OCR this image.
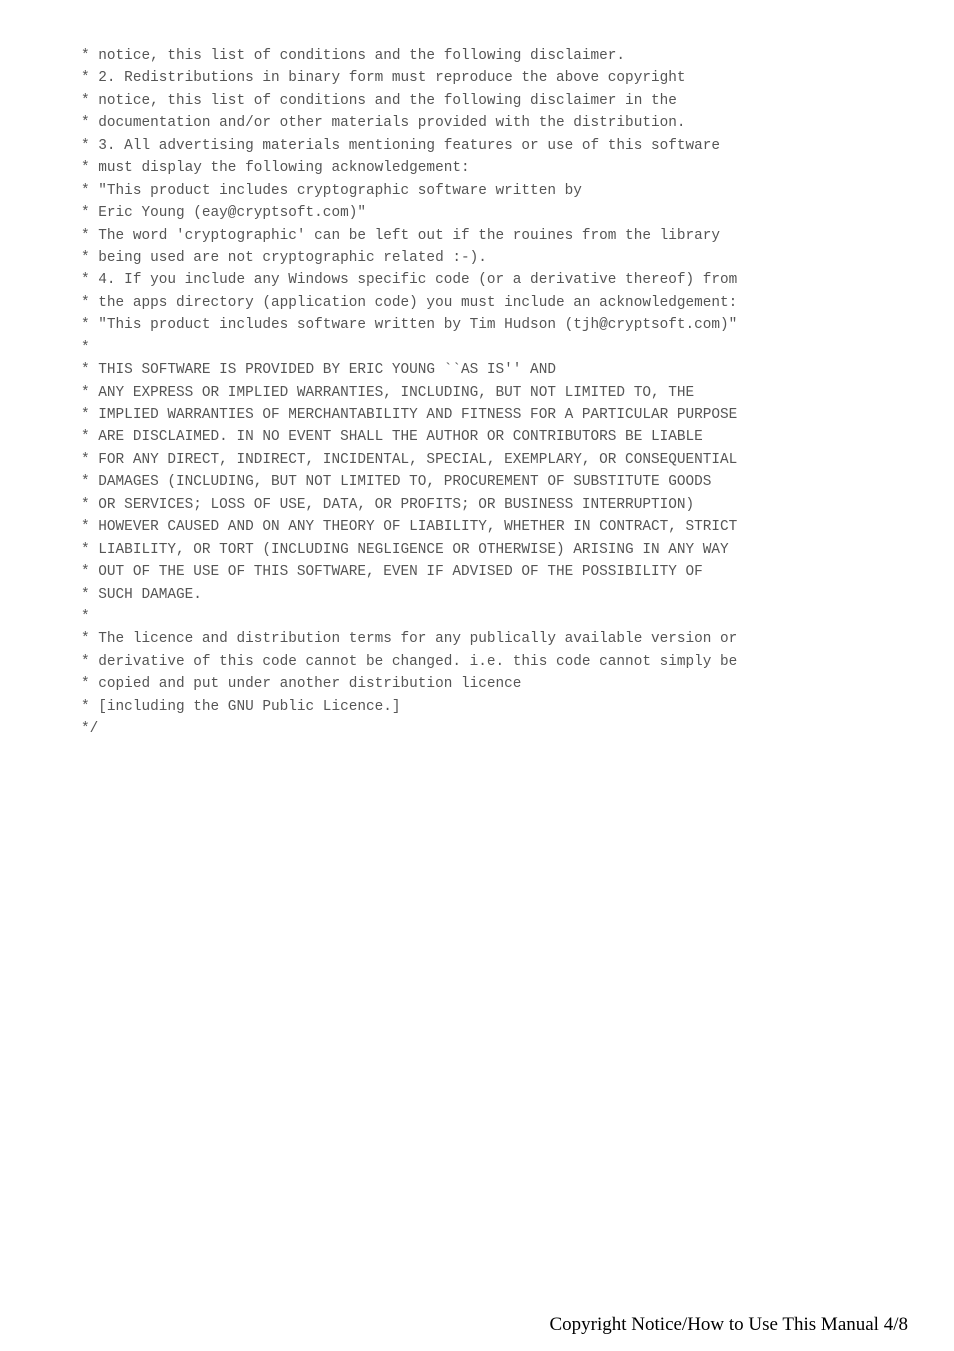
* notice, this list of conditions and the following disclaimer.
* 2. Redistributions in binary form must reproduce the above copyright
* notice, this list of conditions and the following disclaimer in the
* documentation and/or other materials provided with the distribution.
* 3. All advertising materials mentioning features or use of this software
* must display the following acknowledgement:
* "This product includes cryptographic software written by
* Eric Young (eay@cryptsoft.com)"
* The word 'cryptographic' can be left out if the rouines from the library
* being used are not cryptographic related :-).
* 4. If you include any Windows specific code (or a derivative thereof) from
* the apps directory (application code) you must include an acknowledgement:
* "This product includes software written by Tim Hudson (tjh@cryptsoft.com)"
*
* THIS SOFTWARE IS PROVIDED BY ERIC YOUNG ``AS IS'' AND
* ANY EXPRESS OR IMPLIED WARRANTIES, INCLUDING, BUT NOT LIMITED TO, THE
* IMPLIED WARRANTIES OF MERCHANTABILITY AND FITNESS FOR A PARTICULAR PURPOSE
* ARE DISCLAIMED. IN NO EVENT SHALL THE AUTHOR OR CONTRIBUTORS BE LIABLE
* FOR ANY DIRECT, INDIRECT, INCIDENTAL, SPECIAL, EXEMPLARY, OR CONSEQUENTIAL
* DAMAGES (INCLUDING, BUT NOT LIMITED TO, PROCUREMENT OF SUBSTITUTE GOODS
* OR SERVICES; LOSS OF USE, DATA, OR PROFITS; OR BUSINESS INTERRUPTION)
* HOWEVER CAUSED AND ON ANY THEORY OF LIABILITY, WHETHER IN CONTRACT, STRICT
* LIABILITY, OR TORT (INCLUDING NEGLIGENCE OR OTHERWISE) ARISING IN ANY WAY
* OUT OF THE USE OF THIS SOFTWARE, EVEN IF ADVISED OF THE POSSIBILITY OF
* SUCH DAMAGE.
*
* The licence and distribution terms for any publically available version or
* derivative of this code cannot be changed. i.e. this code cannot simply be
* copied and put under another distribution licence
* [including the GNU Public Licence.]
*/
Copyright Notice/How to Use This Manual 4/8
